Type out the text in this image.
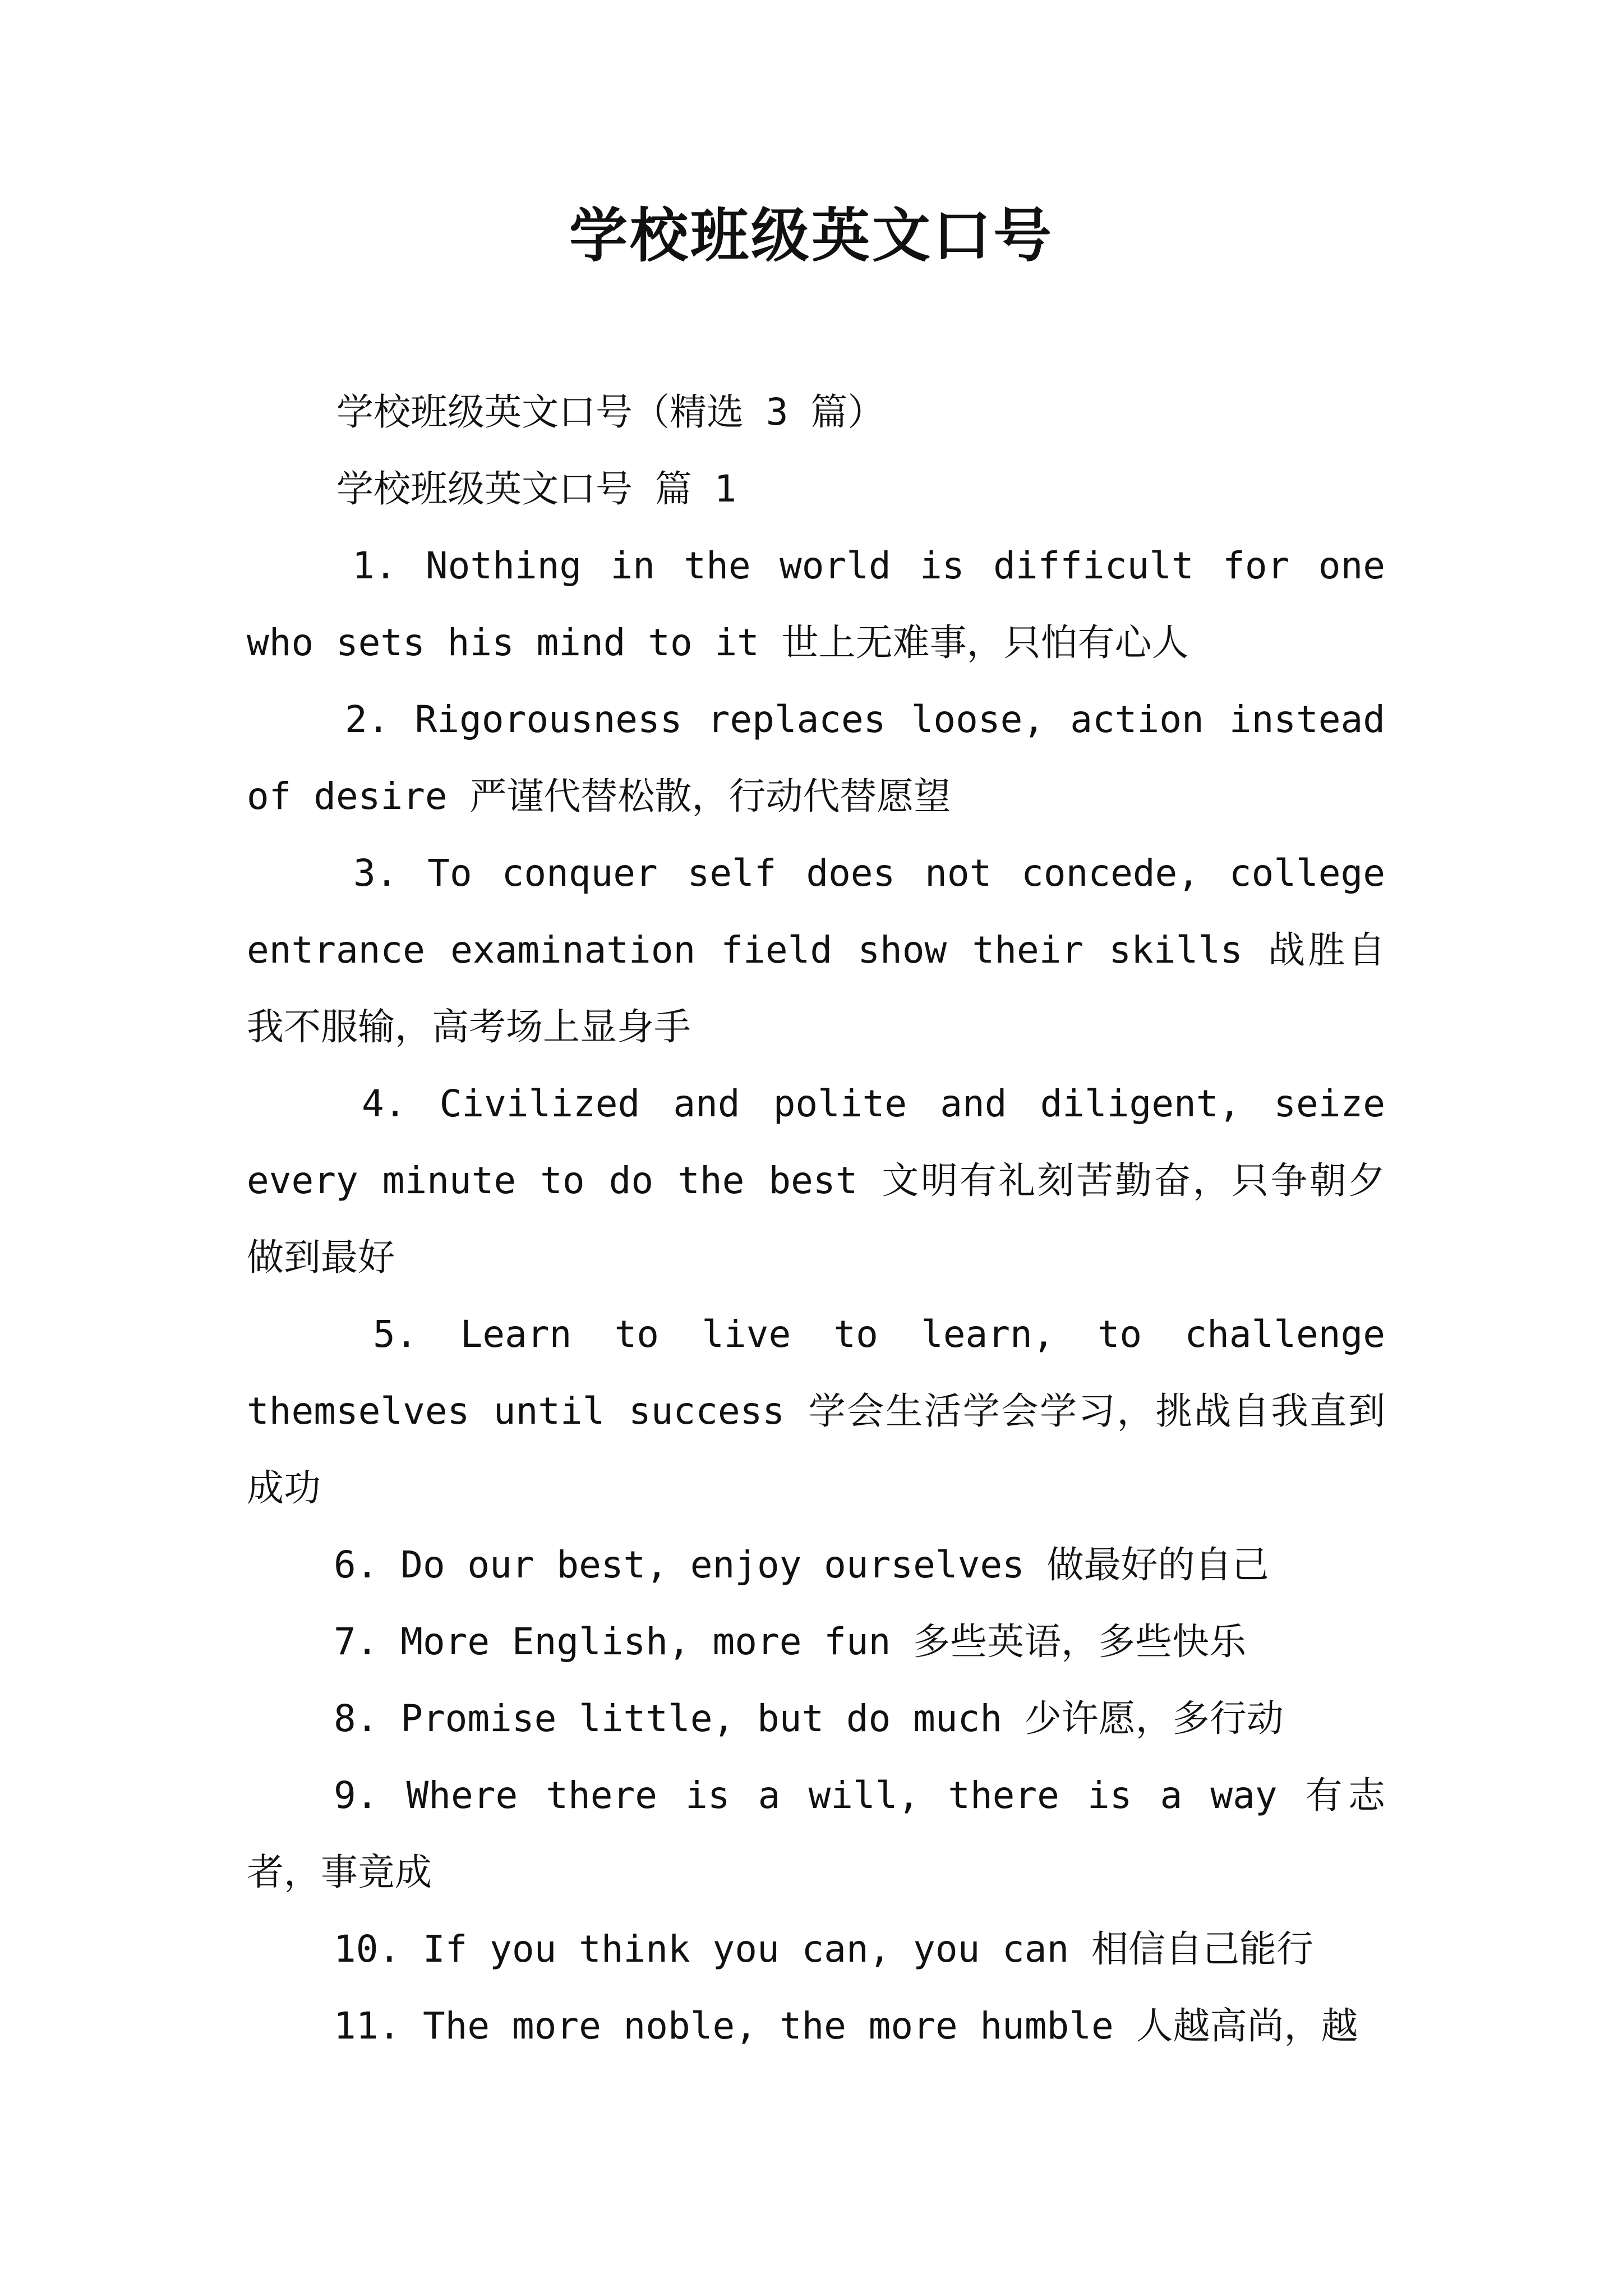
学校班级英文口号

学校班级英文口号（精选 3 篇）

学校班级英文口号 篇 1

1. Nothing in the world is difficult for one who sets his mind to it 世上无难事，只怕有心人

2. Rigorousness replaces loose, action instead of desire 严谨代替松散，行动代替愿望

3. To conquer self does not concede, college entrance examination field show their skills 战胜自我不服输，高考场上显身手

4. Civilized and polite and diligent, seize every minute to do the best 文明有礼刻苦勤奋，只争朝夕做到最好

5. Learn to live to learn, to challenge themselves until success 学会生活学会学习，挑战自我直到成功

6. Do our best, enjoy ourselves 做最好的自己

7. More English, more fun 多些英语，多些快乐

8. Promise little, but do much 少许愿，多行动

9. Where there is a will, there is a way 有志者，事竟成

10. If you think you can, you can 相信自己能行

11. The more noble, the more humble 人越高尚，越
